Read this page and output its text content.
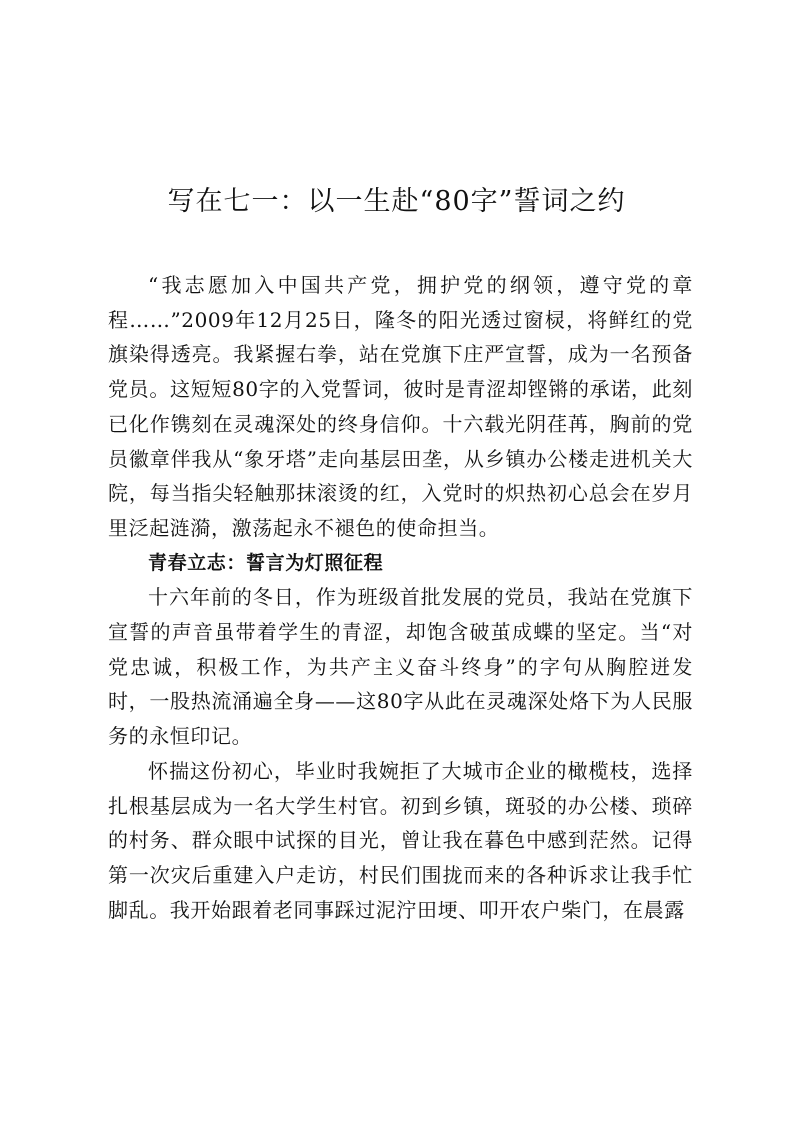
写在七一：以一生赴“80字”誓词之约

“我志愿加入中国共产党，拥护党的纲领，遵守党的章程……”2009年12月25日，隆冬的阳光透过窗棂，将鲜红的党旗染得透亮。我紧握右拳，站在党旗下庄严宣誓，成为一名预备党员。这短短80字的入党誓词，彼时是青涩却铿锵的承诺，此刻已化作镌刻在灵魂深处的终身信仰。十六载光阴荏苒，胸前的党员徽章伴我从“象牙塔”走向基层田垄，从乡镇办公楼走进机关大院，每当指尖轻触那抹滚烫的红，入党时的炽热初心总会在岁月里泛起涟漪，激荡起永不褪色的使命担当。

青春立志：誓言为灯照征程

十六年前的冬日，作为班级首批发展的党员，我站在党旗下宣誓的声音虽带着学生的青涩，却饱含破茧成蝶的坚定。当“对党忠诚，积极工作，为共产主义奋斗终身”的字句从胸腔迸发时，一股热流涌遍全身——这80字从此在灵魂深处烙下为人民服务的永恒印记。

怀揣这份初心，毕业时我婉拒了大城市企业的橄榄枝，选择扎根基层成为一名大学生村官。初到乡镇，斑驳的办公楼、琐碎的村务、群众眼中试探的目光，曾让我在暮色中感到茫然。记得第一次灾后重建入户走访，村民们围拢而来的各种诉求让我手忙脚乱。我开始跟着老同事踩过泥泞田埂、叩开农户柴门，在晨露
